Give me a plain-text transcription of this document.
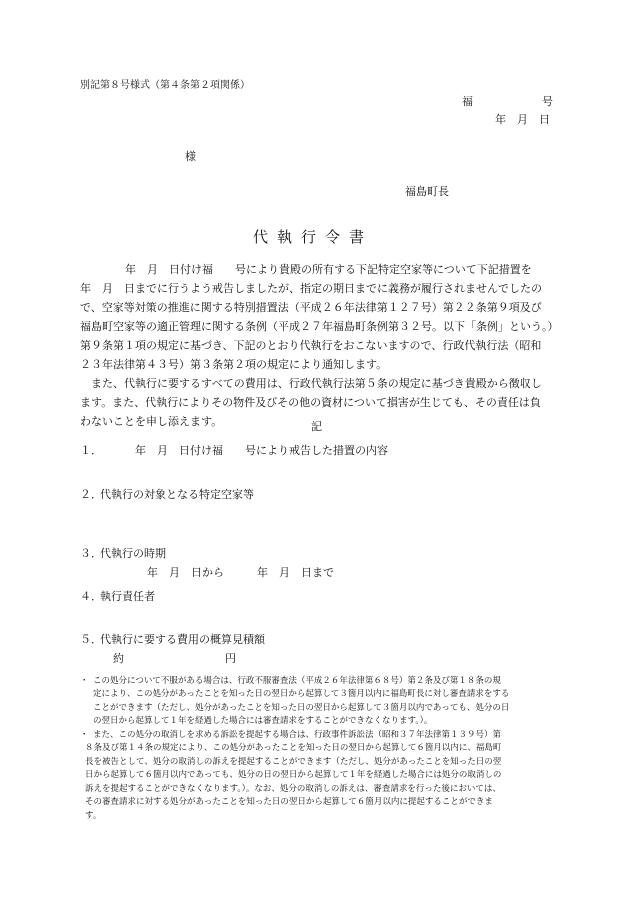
別記第８号様式（第４条第２項関係）

福	号

年　月　日

様

福島町長

代執行令書

年　月　日付け福　　号により貴殿の所有する下記特定空家等について下記措置を

年　月　日までに行うよう戒告しましたが、指定の期日までに義務が履行されませんでしたの

で、空家等対策の推進に関する特別措置法（平成２６年法律第１２７号）第２２条第９項及び

福島町空家等の適正管理に関する条例（平成２７年福島町条例第３２号。以下「条例」という。）

第９条第１項の規定に基づき、下記のとおり代執行をおこないますので、行政代執行法（昭和

２３年法律第４３号）第３条第２項の規定により通知します。

また、代執行に要するすべての費用は、行政代執行法第５条の規定に基づき貴殿から徴収し

ます。また、代執行によりその物件及びその他の資材について損害が生じても、その責任は負

わないことを申し添えます。	記

１．	年　月　日付け福　　号により戒告した措置の内容

２．

代執行の対象となる特定空家等

３．

代執行の時期

年　月　日から　　　年　月　日まで

４．

執行責任者

５．

代執行に要する費用の概算見積額

約	円

・ この処分について不服がある場合は、行政不服審査法（平成２６年法律第６８号）第２条及び第１８条の規

定により、この処分があったことを知った日の翌日から起算して３箇月以内に福島町長に対し審査請求をする

ことができます（ただし、処分があったことを知った日の翌日から起算して３箇月以内であっても、処分の日

の翌日から起算して１年を経過した場合には審査請求をすることができなくなります。）。

・ また、この処分の取消しを求める訴訟を提起する場合は、行政事件訴訟法（昭和３７年法律第１３９号）第

８条及び第１４条の規定により、この処分があったことを知った日の翌日から起算して６箇月以内に、福島町

長を被告として、処分の取消しの訴えを提起することができます（ただし、処分があったことを知った日の翌

日から起算して６箇月以内であっても、処分の日の翌日から起算して１年を経過した場合には処分の取消しの

訴えを提起することができなくなります。）。なお、処分の取消しの訴えは、審査請求を行った後においては、

その審査請求に対する処分があったことを知った日の翌日から起算して６箇月以内に提起することができま

す。
